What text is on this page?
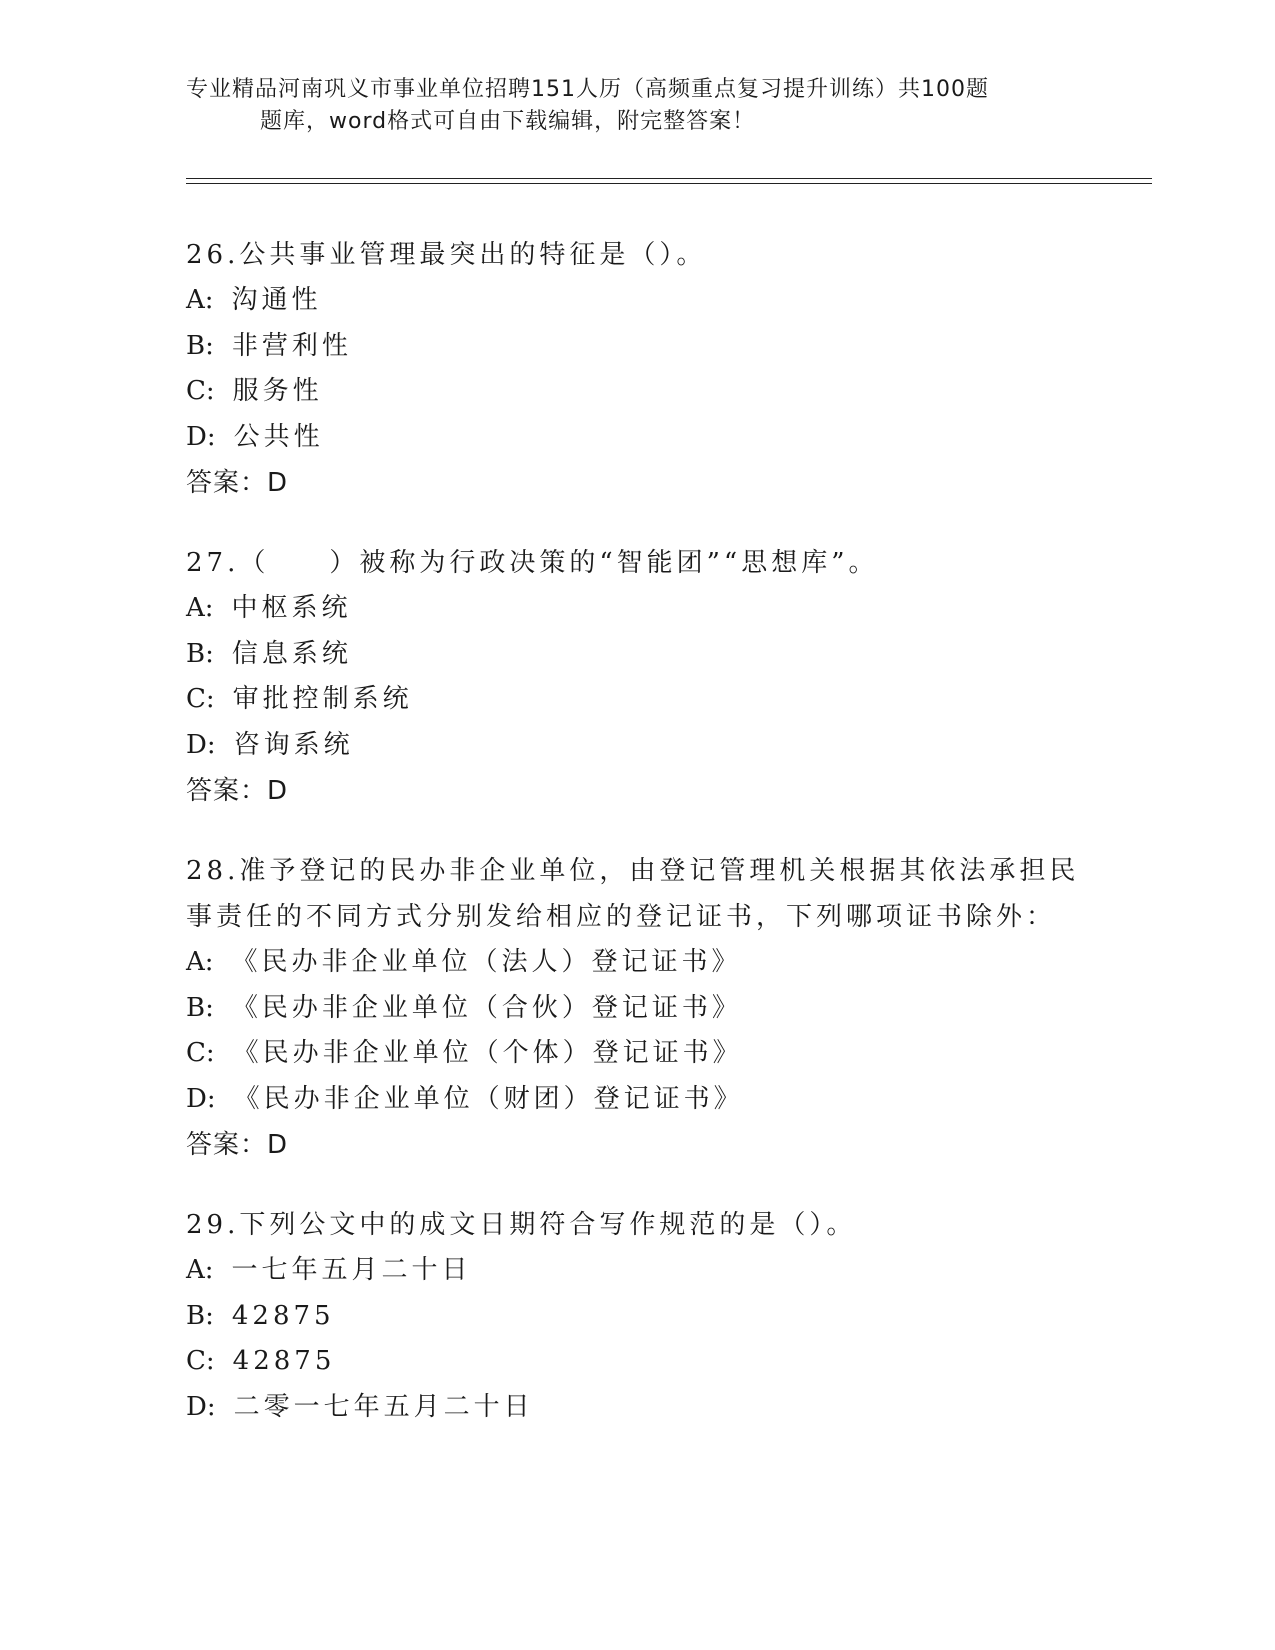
专业精品河南巩义市事业单位招聘151人历（高频重点复习提升训练）共100题
题库，word格式可自由下载编辑，附完整答案！
26.公共事业管理最突出的特征是（）。
A: 沟通性
B: 非营利性
C: 服务性
D: 公共性
答案：D
27.（　　）被称为行政决策的“智能团”“思想库”。
A: 中枢系统
B: 信息系统
C: 审批控制系统
D: 咨询系统
答案：D
28.准予登记的民办非企业单位，由登记管理机关根据其依法承担民事责任的不同方式分别发给相应的登记证书，下列哪项证书除外：
A: 《民办非企业单位（法人）登记证书》
B: 《民办非企业单位（合伙）登记证书》
C: 《民办非企业单位（个体）登记证书》
D: 《民办非企业单位（财团）登记证书》
答案：D
29.下列公文中的成文日期符合写作规范的是（）。
A: 一七年五月二十日
B: 42875
C: 42875
D: 二零一七年五月二十日
